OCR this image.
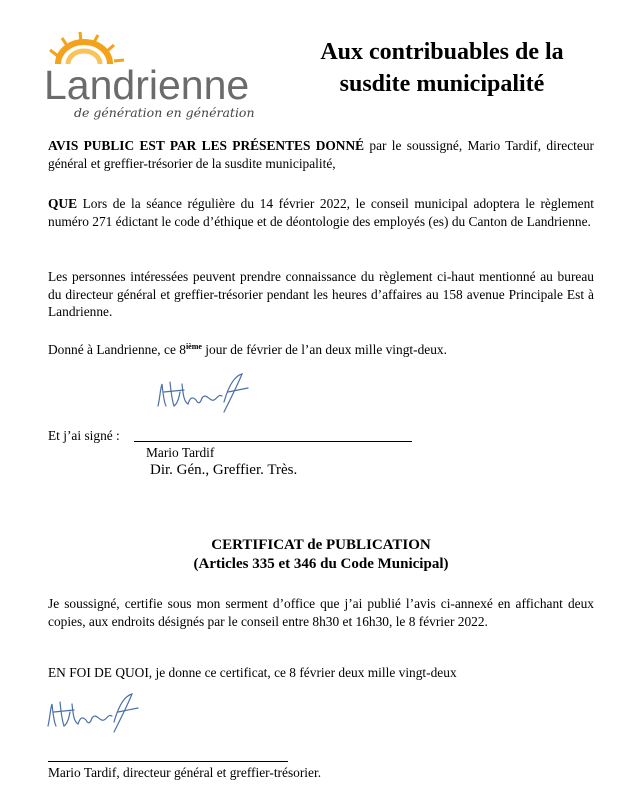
Landrienne
de génération en génération
Aux contribuables de la
susdite municipalité
AVIS PUBLIC EST PAR LES PRÉSENTES DONNÉ par le soussigné, Mario Tardif, directeur général et greffier-trésorier de la susdite municipalité,
QUE Lors de la séance régulière du 14 février 2022, le conseil municipal adoptera le règlement numéro 271 édictant le code d’éthique et de déontologie des employés (es) du Canton de Landrienne.
Les personnes intéressées peuvent prendre connaissance du règlement ci-haut mentionné au bureau du directeur général et greffier-trésorier pendant les heures d’affaires au 158 avenue Principale Est à Landrienne.
Donné à Landrienne, ce 8ième jour de février de l’an deux mille vingt-deux.
Et j’ai signé :
Mario Tardif
Dir. Gén., Greffier. Très.
CERTIFICAT de PUBLICATION
(Articles 335 et 346 du Code Municipal)
Je soussigné, certifie sous mon serment d’office que j’ai publié l’avis ci-annexé en affichant deux copies, aux endroits désignés par le conseil entre 8h30 et 16h30, le 8 février 2022.
EN FOI DE QUOI, je donne ce certificat, ce 8 février deux mille vingt-deux
Mario Tardif, directeur général et greffier-trésorier.
